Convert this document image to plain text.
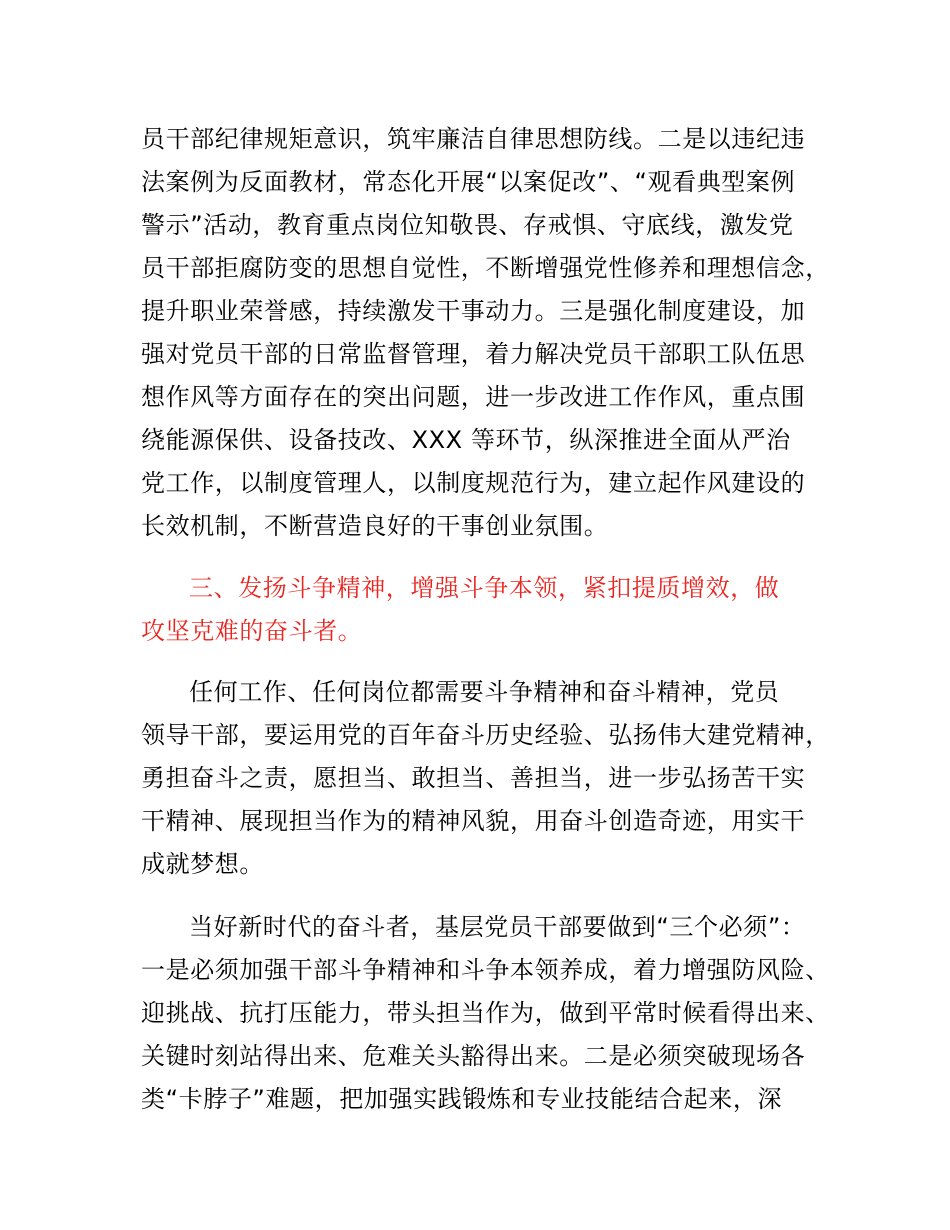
员干部纪律规矩意识，筑牢廉洁自律思想防线。二是以违纪违
法案例为反面教材，常态化开展“以案促改”、“观看典型案例
警示”活动，教育重点岗位知敬畏、存戒惧、守底线，激发党
员干部拒腐防变的思想自觉性，不断增强党性修养和理想信念，
提升职业荣誉感，持续激发干事动力。三是强化制度建设，加
强对党员干部的日常监督管理，着力解决党员干部职工队伍思
想作风等方面存在的突出问题，进一步改进工作作风，重点围
绕能源保供、设备技改、XXX 等环节，纵深推进全面从严治
党工作，以制度管理人，以制度规范行为，建立起作风建设的
长效机制，不断营造良好的干事创业氛围。
三、发扬斗争精神，增强斗争本领，紧扣提质增效，做
攻坚克难的奋斗者。
任何工作、任何岗位都需要斗争精神和奋斗精神，党员
领导干部，要运用党的百年奋斗历史经验、弘扬伟大建党精神，
勇担奋斗之责，愿担当、敢担当、善担当，进一步弘扬苦干实
干精神、展现担当作为的精神风貌，用奋斗创造奇迹，用实干
成就梦想。
当好新时代的奋斗者，基层党员干部要做到“三个必须”：
一是必须加强干部斗争精神和斗争本领养成，着力增强防风险、
迎挑战、抗打压能力，带头担当作为，做到平常时候看得出来、
关键时刻站得出来、危难关头豁得出来。二是必须突破现场各
类“卡脖子”难题，把加强实践锻炼和专业技能结合起来，深
